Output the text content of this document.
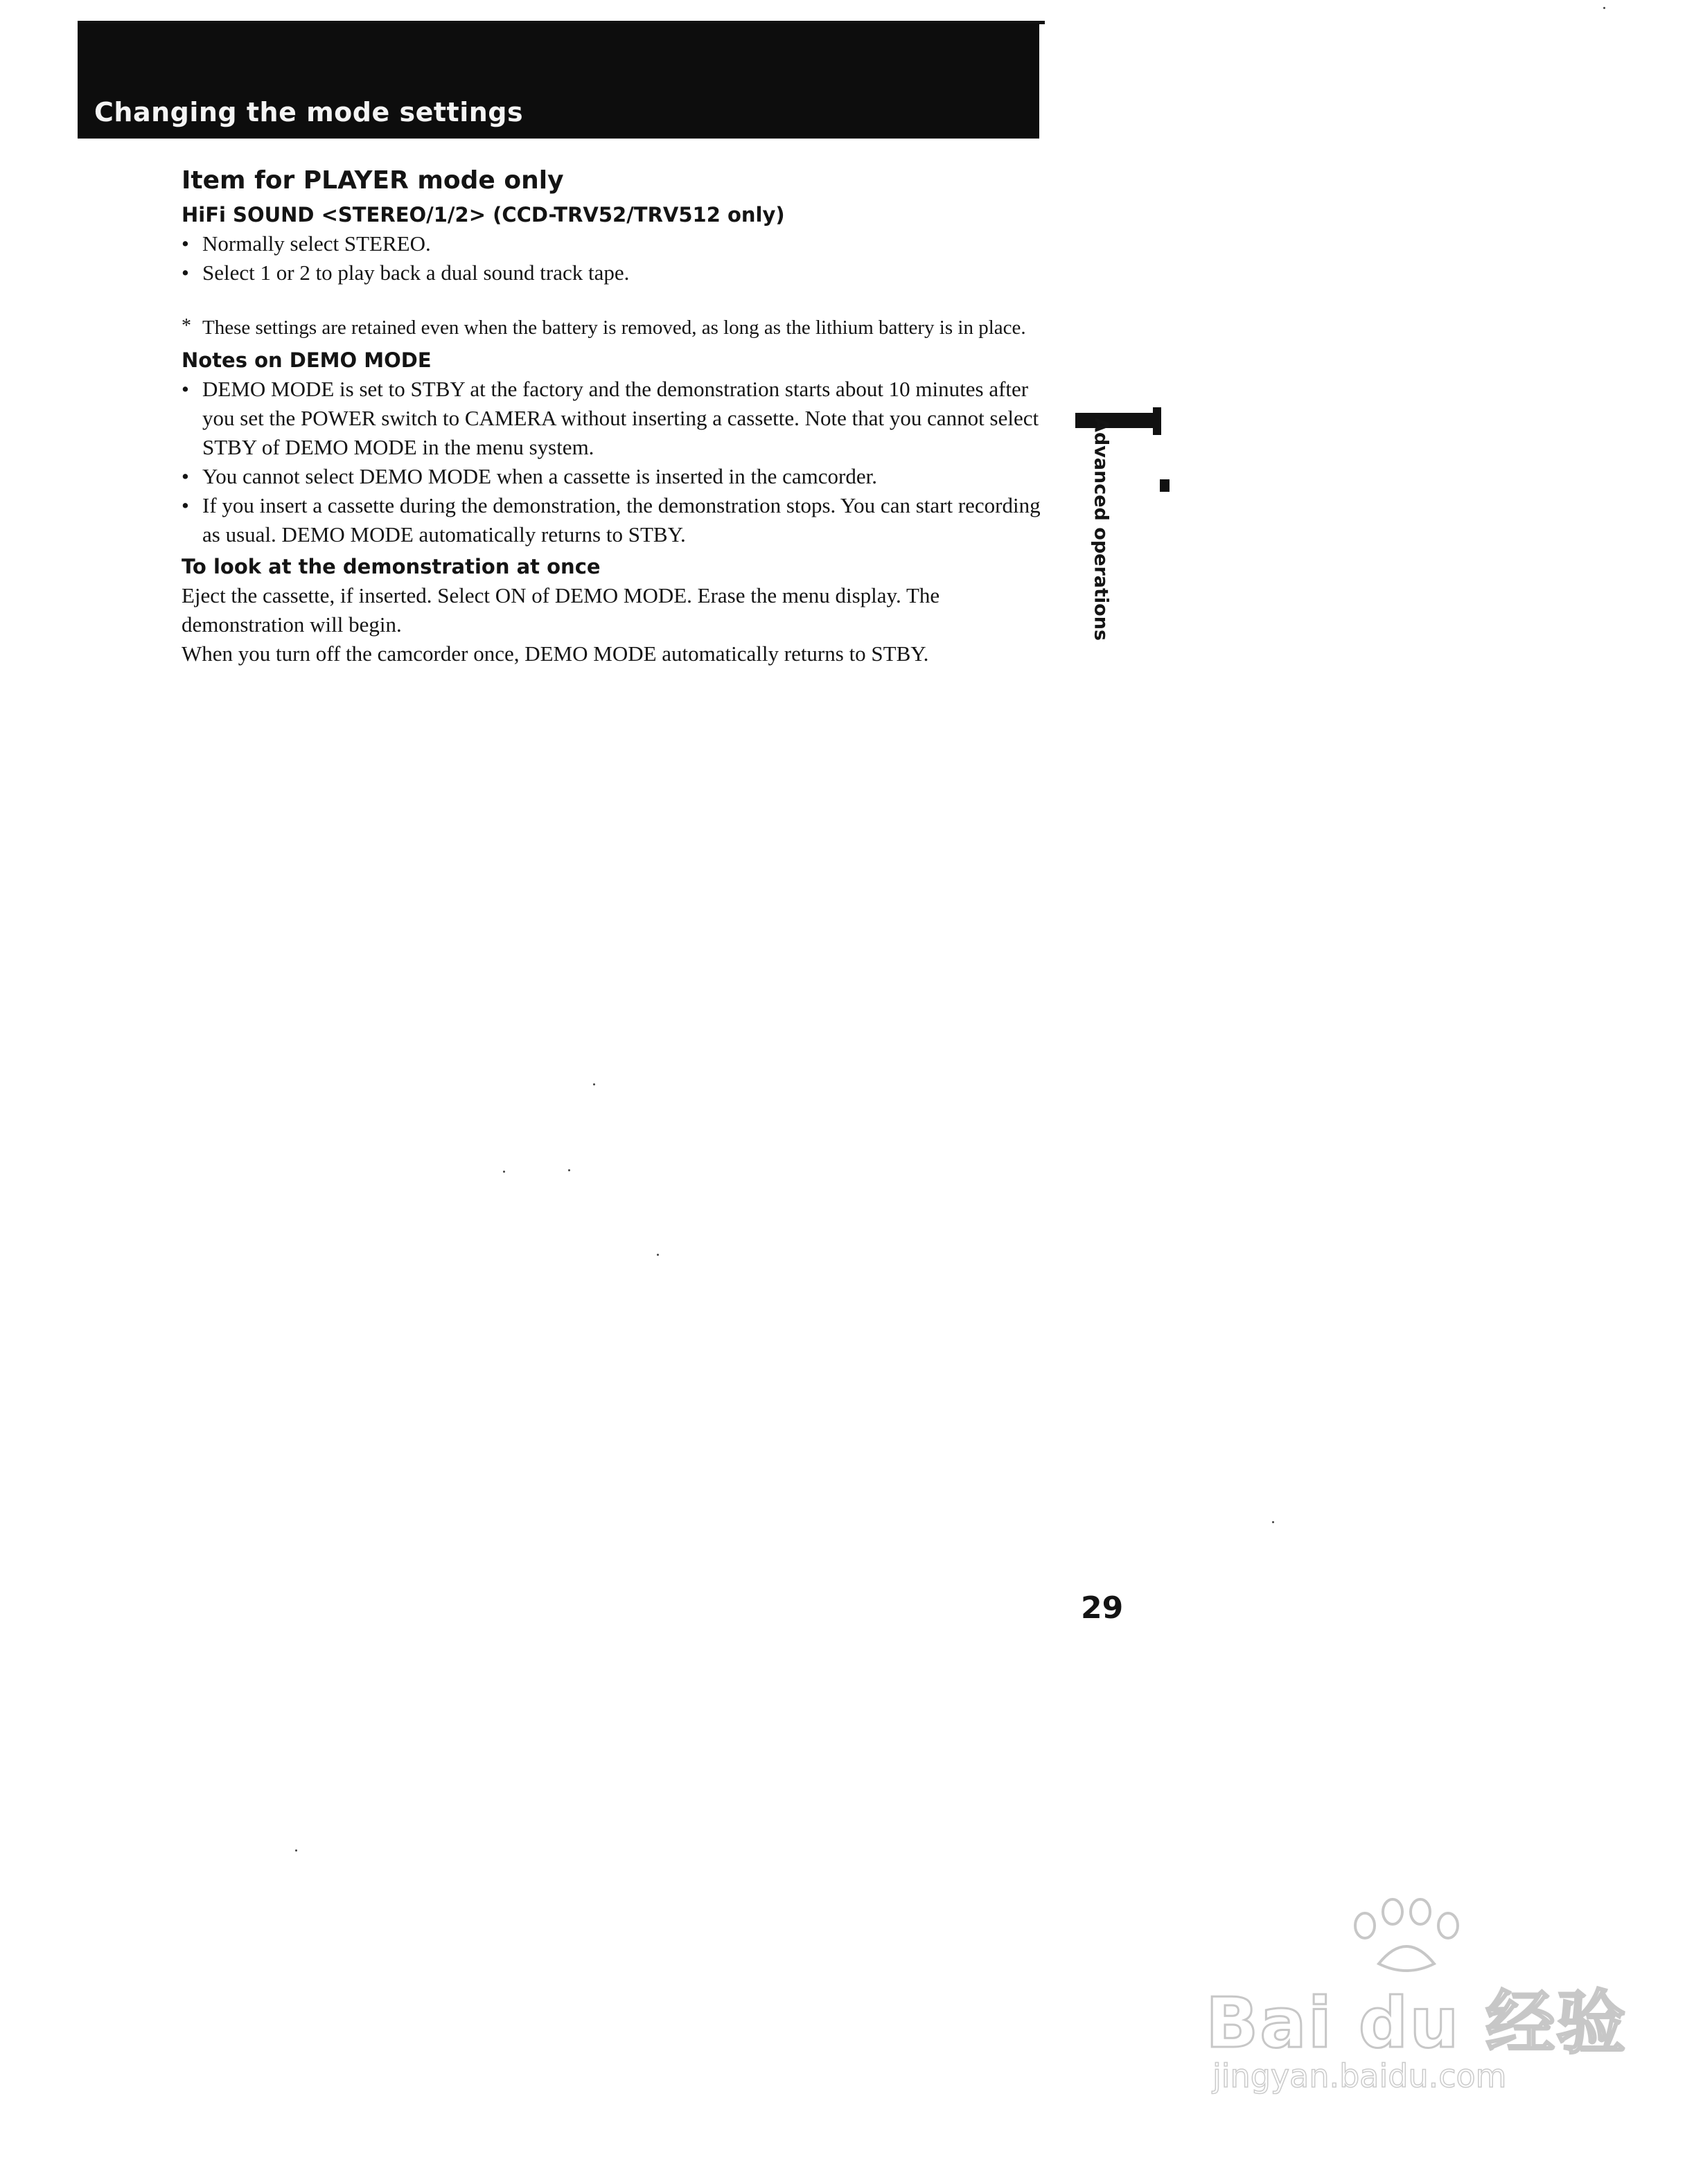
Changing the mode settings
Item for PLAYER mode only
HiFi SOUND <STEREO/1/2> (CCD-TRV52/TRV512 only)
• Normally select STEREO.
• Select 1 or 2 to play back a dual sound track tape.
* These settings are retained even when the battery is removed, as long as the lithium battery is in place.
Notes on DEMO MODE
• DEMO MODE is set to STBY at the factory and the demonstration starts about 10 minutes after you set the POWER switch to CAMERA without inserting a cassette. Note that you cannot select STBY of DEMO MODE in the menu system.
• You cannot select DEMO MODE when a cassette is inserted in the camcorder.
• If you insert a cassette during the demonstration, the demonstration stops. You can start recording as usual. DEMO MODE automatically returns to STBY.
To look at the demonstration at once

Eject the cassette, if inserted. Select ON of DEMO MODE. Erase the menu display. The demonstration will begin.

When you turn off the camcorder once, DEMO MODE automatically returns to STBY.

Advanced operations
29
Bai du 经验
jingyan.baidu.com
